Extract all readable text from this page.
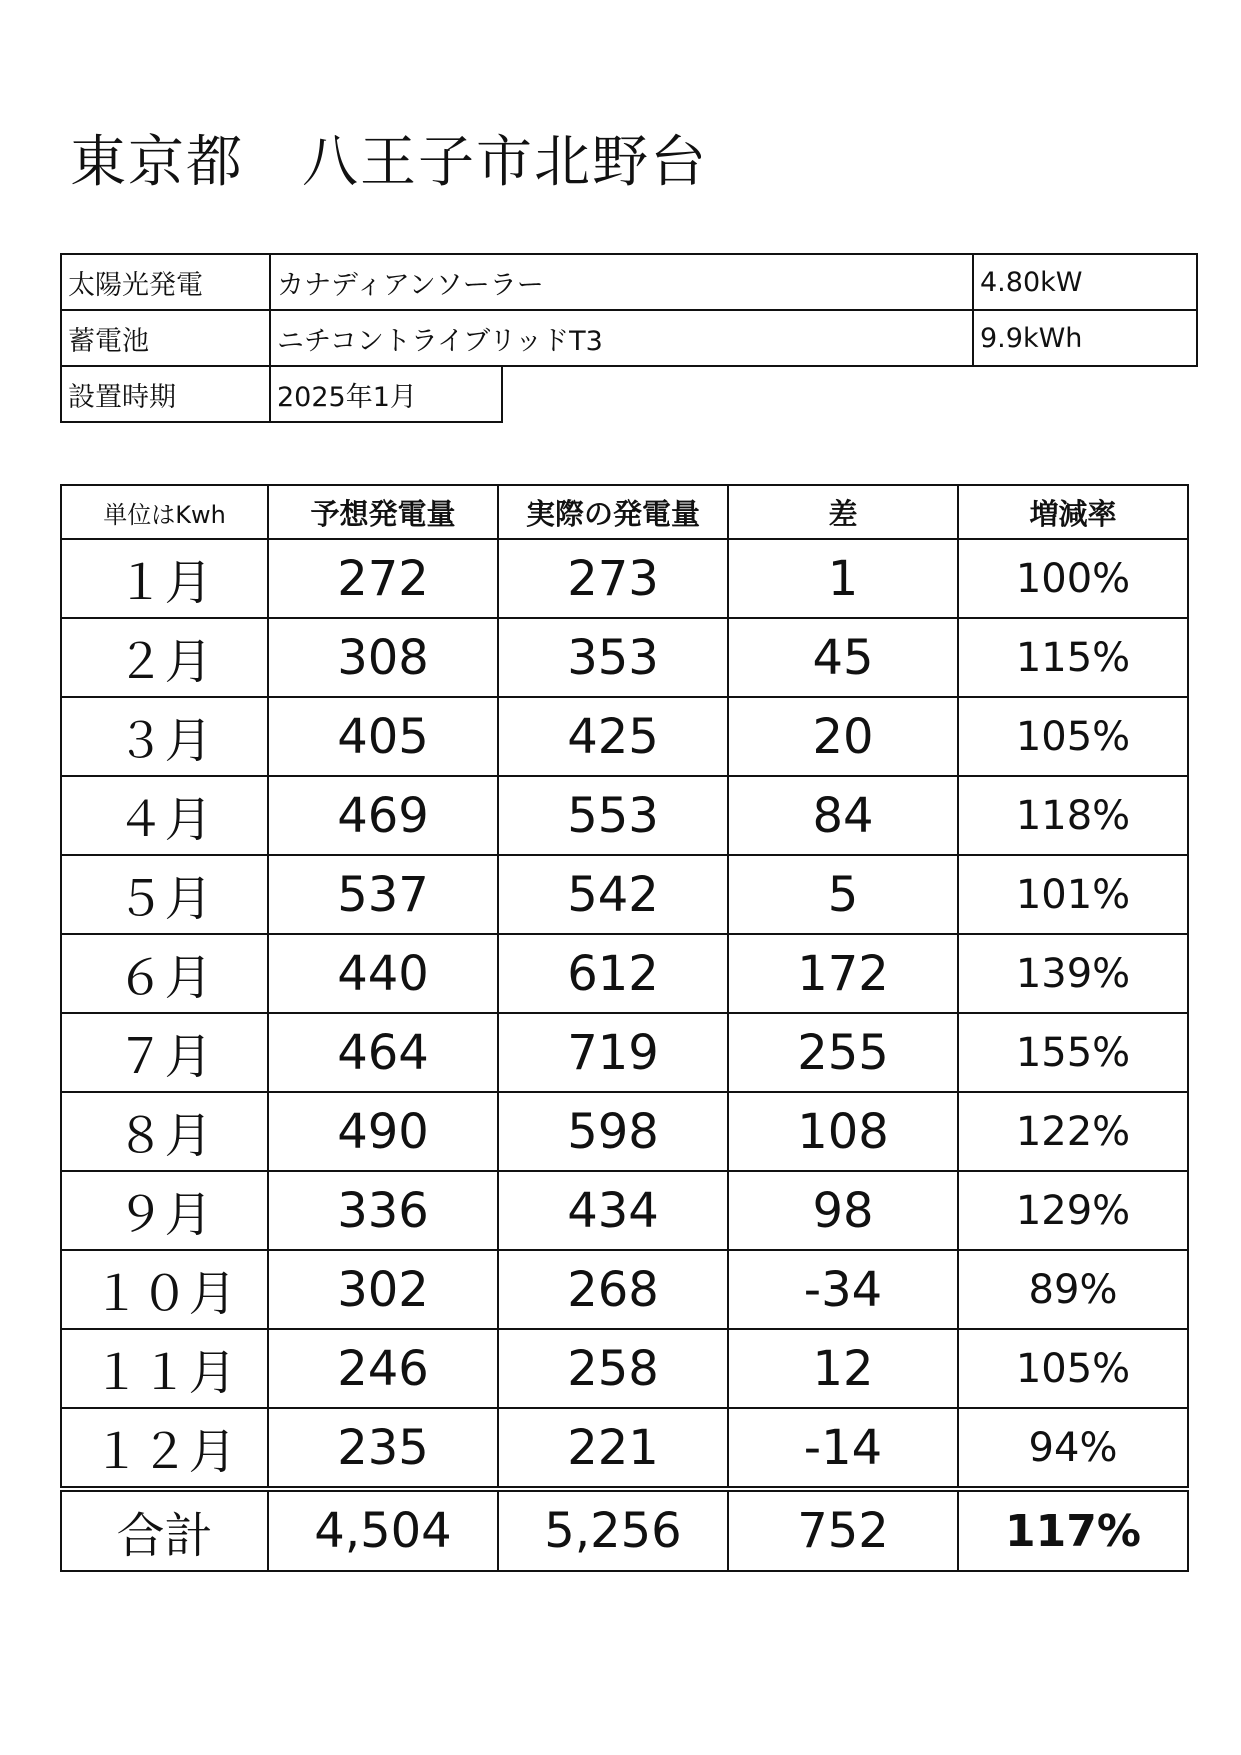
東京都　八王子市北野台
太陽光発電	カナディアンソーラー		4.80kW
蓄電池	ニチコントライブリッドT3		9.9kWh
設置時期	2025年1月		
単位はKwh	予想発電量	実際の発電量	差	増減率
１月	272	273	1	100%
２月	308	353	45	115%
３月	405	425	20	105%
４月	469	553	84	118%
５月	537	542	5	101%
６月	440	612	172	139%
７月	464	719	255	155%
８月	490	598	108	122%
９月	336	434	98	129%
１０月	302	268	-34	89%
１１月	246	258	12	105%
１２月	235	221	-14	94%
合計	4,504	5,256	752	117%
